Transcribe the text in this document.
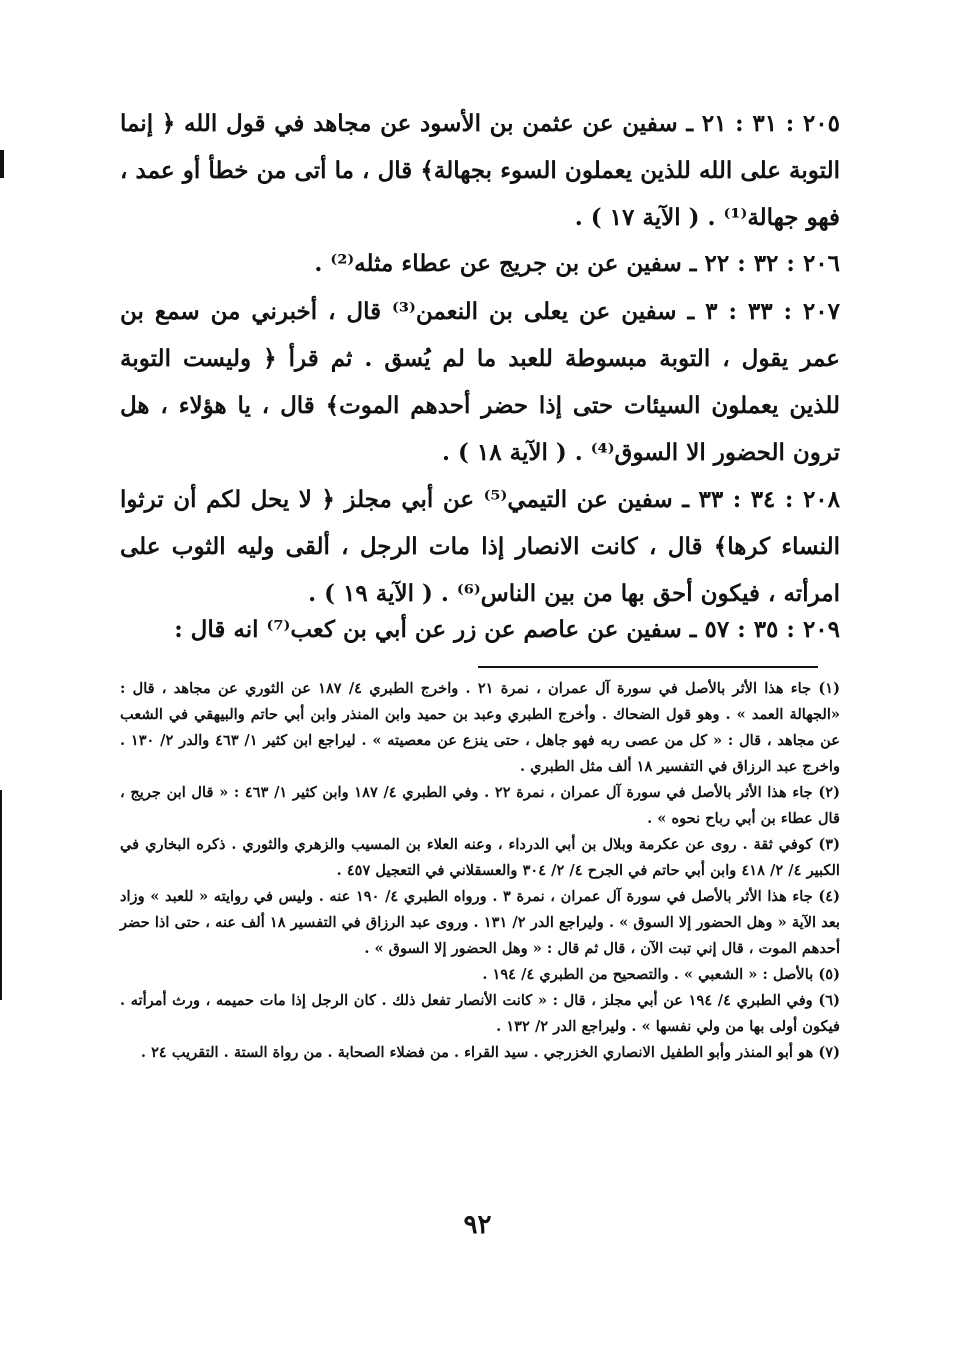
٢٠٥ : ٣١ : ٢١ ـ سفين عن عثمن بن الأسود عن مجاهد في قول الله ﴿ إنما التوبة على الله للذين يعملون السوء بجهالة﴾ قال ، ما أتى من خطأ أو عمد ، فهو جهالة⁽¹⁾ . ( الآية ١٧ ) .

٢٠٦ : ٣٢ : ٢٢ ـ سفين عن بن جريج عن عطاء مثله⁽²⁾ .

٢٠٧ : ٣٣ : ٣ ـ سفين عن يعلى بن النعمن⁽³⁾ قال ، أخبرني من سمع بن عمر يقول ، التوبة مبسوطة للعبد ما لم يُسق . ثم قرأ ﴿ وليست التوبة للذين يعملون السيئات حتى إذا حضر أحدهم الموت﴾ قال ، يا هؤلاء ، هل ترون الحضور الا السوق⁽⁴⁾ . ( الآية ١٨ ) .

٢٠٨ : ٣٤ : ٣٣ ـ سفين عن التيمي⁽⁵⁾ عن أبي مجلز ﴿ لا يحل لكم أن ترثوا النساء كرها﴾ قال ، كانت الانصار إذا مات الرجل ، ألقى وليه الثوب على امرأته ، فيكون أحق بها من بين الناس⁽⁶⁾ . ( الآية ١٩ ) .

٢٠٩ : ٣٥ : ٥٧ ـ سفين عن عاصم عن زر عن أبي بن كعب⁽⁷⁾ انه قال :

(١) جاء هذا الأثر بالأصل في سورة آل عمران ، نمرة ٢١ . واخرج الطبري ٤/ ١٨٧ عن الثوري عن مجاهد ، قال : «الجهالة العمد » . وهو قول الضحاك . وأخرج الطبري وعبد بن حميد وابن المنذر وابن أبي حاتم والبيهقي في الشعب عن مجاهد ، قال : « كل من عصى ربه فهو جاهل ، حتى ينزع عن معصيته » . ليراجع ابن كثير ١/ ٤٦٣ والدر ٢/ ١٣٠ . واخرج عبد الرزاق في التفسير ١٨ ألف مثل الطبري .

(٢) جاء هذا الأثر بالأصل في سورة آل عمران ، نمرة ٢٢ . وفي الطبري ٤/ ١٨٧ وابن كثير ١/ ٤٦٣ : « قال ابن جريج ، قال عطاء بن أبي رباح نحوه » .

(٣) كوفي ثقة . روى عن عكرمة وبلال بن أبي الدرداء ، وعنه العلاء بن المسيب والزهري والثوري . ذكره البخاري في الكبير ٤/ ٢/ ٤١٨ وابن أبي حاتم في الجرح ٤/ ٢/ ٣٠٤ والعسقلاني في التعجيل ٤٥٧ .

(٤) جاء هذا الأثر بالأصل في سورة آل عمران ، نمرة ٣ . ورواه الطبري ٤/ ١٩٠ عنه . وليس في روايته « للعبد » وزاد بعد الآية « وهل الحضور إلا السوق » . وليراجع الدر ٢/ ١٣١ . وروى عبد الرزاق في التفسير ١٨ ألف عنه ، حتى اذا حضر أحدهم الموت ، قال إني تبت الآن ، قال ثم قال : « وهل الحضور إلا السوق » .

(٥) بالأصل : « الشعبي » . والتصحيح من الطبري ٤/ ١٩٤ .

(٦) وفي الطبري ٤/ ١٩٤ عن أبي مجلز ، قال : « كانت الأنصار تفعل ذلك . كان الرجل إذا مات حميمه ، ورث أمرأته . فيكون أولى بها من ولي نفسها » . وليراجع الدر ٢/ ١٣٢ .

(٧) هو أبو المنذر وأبو الطفيل الانصاري الخزرجي . سيد القراء . من فضلاء الصحابة . من رواة الستة . التقريب ٢٤ .

٩٢
